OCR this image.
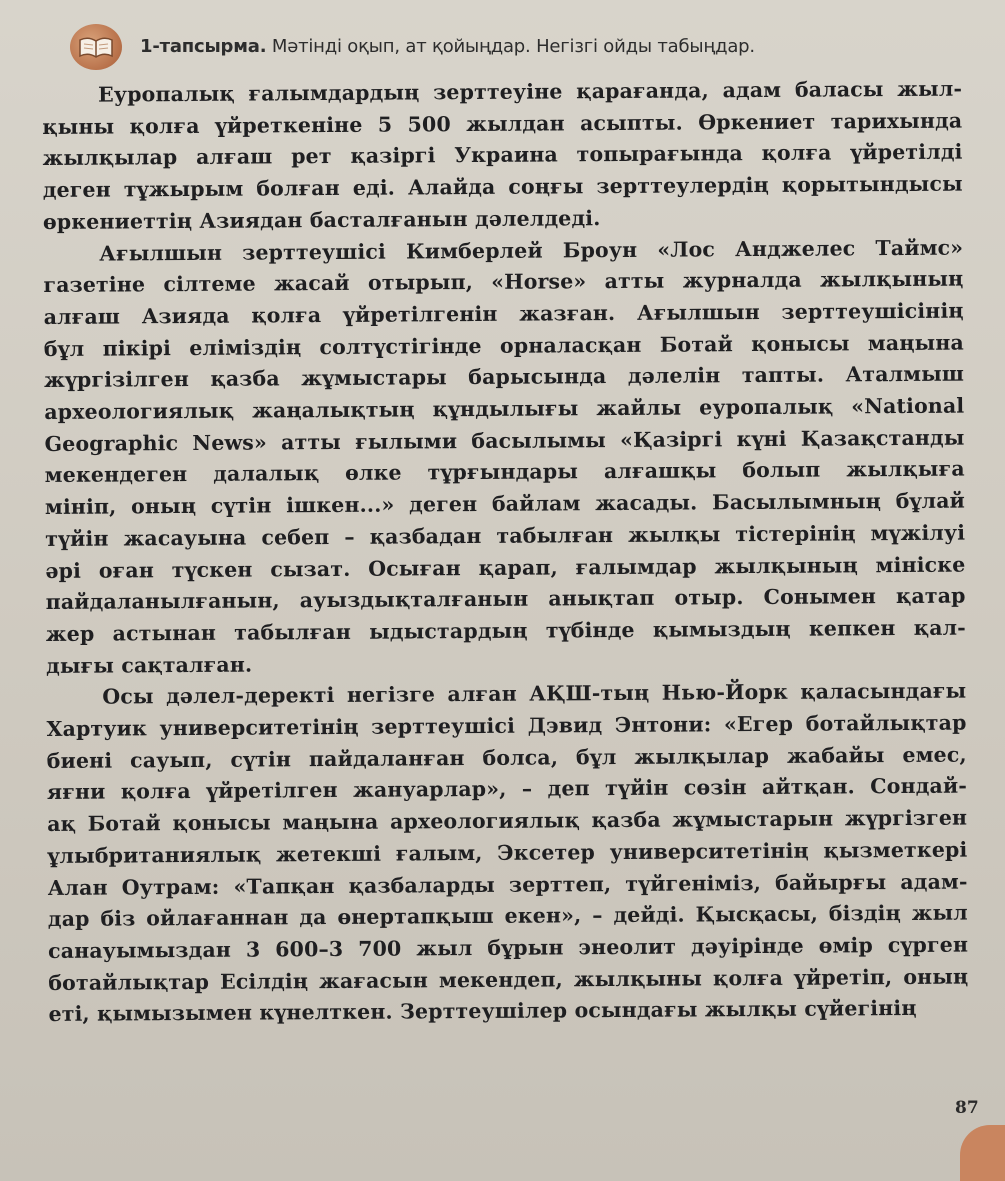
1-тапсырма. Мәтінді оқып, ат қойыңдар. Негізгі ойды табыңдар.
Еуропалық ғалымдардың зерттеуіне қарағанда, адам баласы жыл-
қыны қолға үйреткеніне 5 500 жылдан асыпты. Өркениет тарихында
жылқылар алғаш рет қазіргі Украина топырағында қолға үйретілді
деген тұжырым болған еді. Алайда соңғы зерттеулердің қорытындысы
өркениеттің Азиядан басталғанын дәлелдеді.
Ағылшын зерттеушісі Кимберлей Броун «Лос Анджелес Таймс»
газетіне сілтеме жасай отырып, «Horse» атты журналда жылқының
алғаш Азияда қолға үйретілгенін жазған. Ағылшын зерттеушісінің
бұл пікірі еліміздің солтүстігінде орналасқан Ботай қонысы маңына
жүргізілген қазба жұмыстары барысында дәлелін тапты. Аталмыш
археологиялық жаңалықтың құндылығы жайлы еуропалық «National
Geographic News» атты ғылыми басылымы «Қазіргі күні Қазақстанды
мекендеген далалық өлке тұрғындары алғашқы болып жылқыға
мініп, оның сүтін ішкен...» деген байлам жасады. Басылымның бұлай
түйін жасауына себеп – қазбадан табылған жылқы тістерінің мүжілуі
әрі оған түскен сызат. Осыған қарап, ғалымдар жылқының мініске
пайдаланылғанын, ауыздықталғанын анықтап отыр. Сонымен қатар
жер астынан табылған ыдыстардың түбінде қымыздың кепкен қал-
дығы сақталған.
Осы дәлел-деректі негізге алған АҚШ-тың Нью-Йорк қаласындағы
Хартуик университетінің зерттеушісі Дэвид Энтони: «Егер ботайлықтар
биені сауып, сүтін пайдаланған болса, бұл жылқылар жабайы емес,
яғни қолға үйретілген жануарлар», – деп түйін сөзін айтқан. Сондай-
ақ Ботай қонысы маңына археологиялық қазба жұмыстарын жүргізген
ұлыбританиялық жетекші ғалым, Эксетер университетінің қызметкері
Алан Оутрам: «Тапқан қазбаларды зерттеп, түйгеніміз, байырғы адам-
дар біз ойлағаннан да өнертапқыш екен», – дейді. Қысқасы, біздің жыл
санауымыздан 3 600–3 700 жыл бұрын энеолит дәуірінде өмір сүрген
ботайлықтар Есілдің жағасын мекендеп, жылқыны қолға үйретіп, оның
еті, қымызымен күнелткен. Зерттеушілер осындағы жылқы сүйегінің
87
